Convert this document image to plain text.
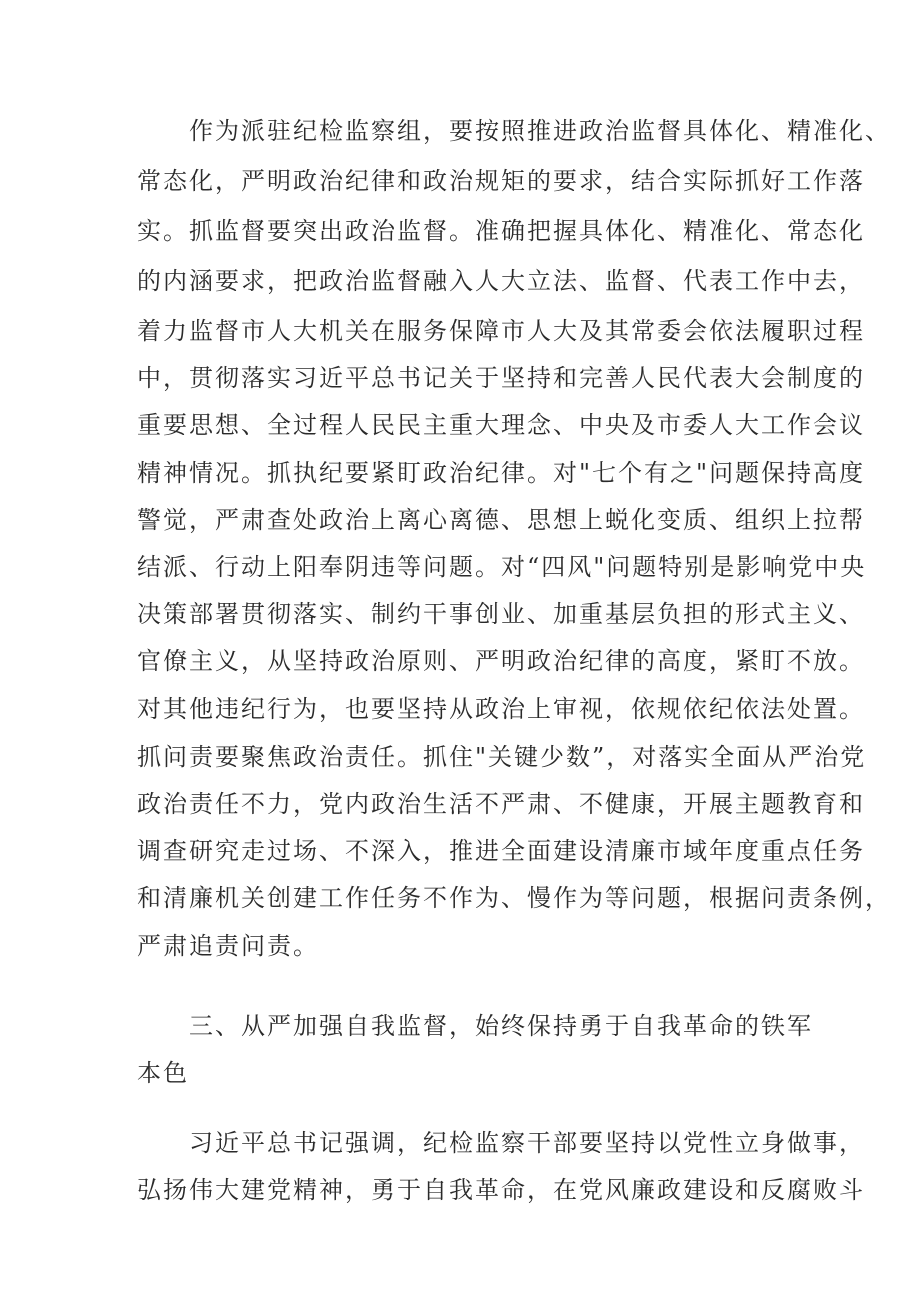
作为派驻纪检监察组，要按照推进政治监督具体化、精准化、

常态化，严明政治纪律和政治规矩的要求，结合实际抓好工作落

实。抓监督要突出政治监督。准确把握具体化、精准化、常态化

的内涵要求，把政治监督融入人大立法、监督、代表工作中去，

着力监督市人大机关在服务保障市人大及其常委会依法履职过程

中，贯彻落实习近平总书记关于坚持和完善人民代表大会制度的

重要思想、全过程人民民主重大理念、中央及市委人大工作会议

精神情况。抓执纪要紧盯政治纪律。对"七个有之"问题保持高度

警觉，严肃查处政治上离心离德、思想上蜕化变质、组织上拉帮

结派、行动上阳奉阴违等问题。对“四风"问题特别是影响党中央

决策部署贯彻落实、制约干事创业、加重基层负担的形式主义、

官僚主义，从坚持政治原则、严明政治纪律的高度，紧盯不放。

对其他违纪行为，也要坚持从政治上审视，依规依纪依法处置。

抓问责要聚焦政治责任。抓住"关键少数”，对落实全面从严治党

政治责任不力，党内政治生活不严肃、不健康，开展主题教育和

调查研究走过场、不深入，推进全面建设清廉市域年度重点任务

和清廉机关创建工作任务不作为、慢作为等问题，根据问责条例，

严肃追责问责。

三、从严加强自我监督，始终保持勇于自我革命的铁军

本色

习近平总书记强调，纪检监察干部要坚持以党性立身做事，

弘扬伟大建党精神，勇于自我革命，在党风廉政建设和反腐败斗
